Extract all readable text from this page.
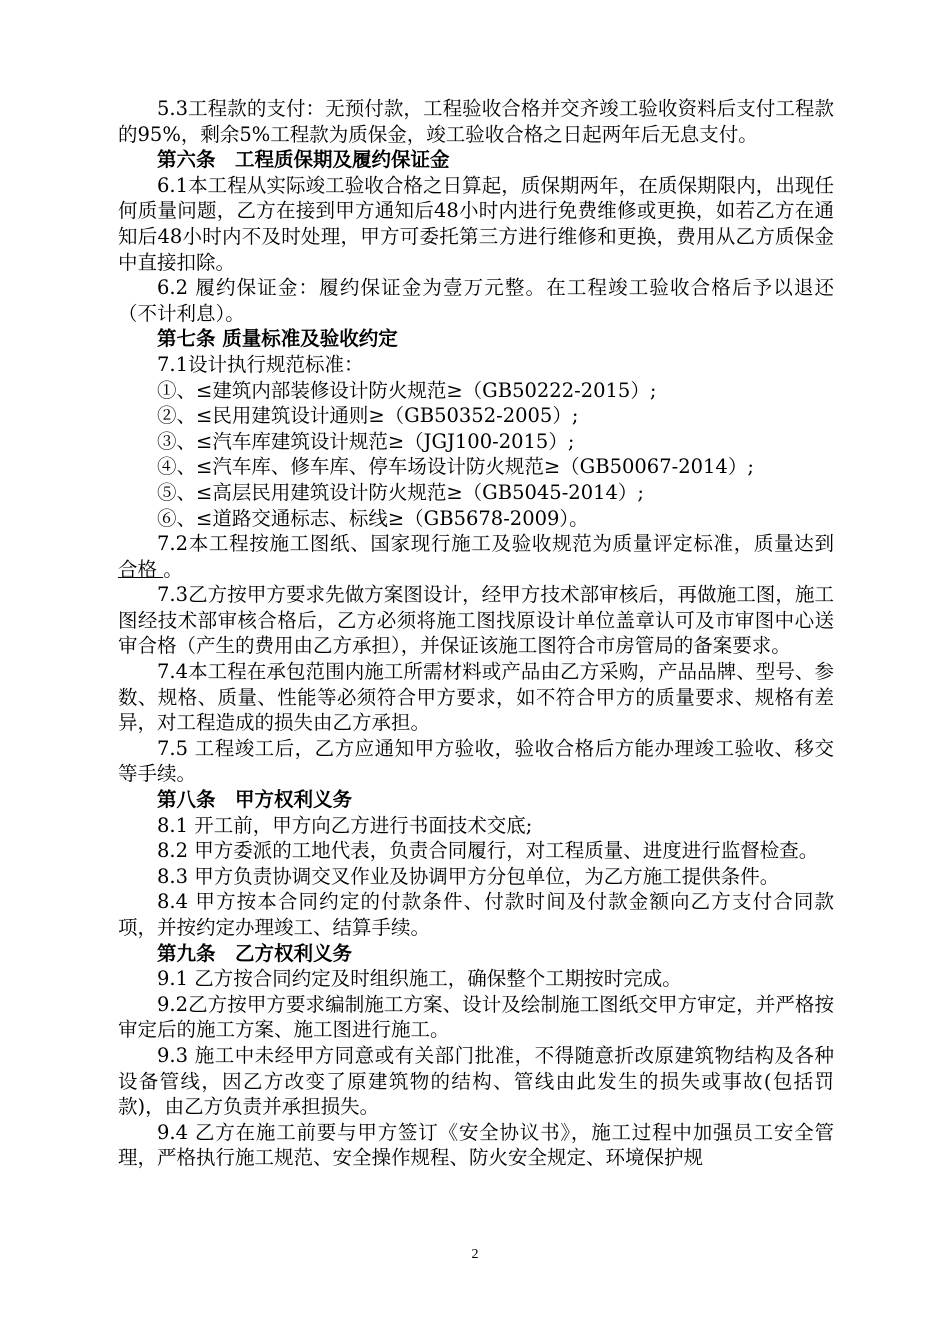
5.3工程款的支付：无预付款，工程验收合格并交齐竣工验收资料后支付工程款的95%，剩余5%工程款为质保金，竣工验收合格之日起两年后无息支付。

第六条　工程质保期及履约保证金

6.1本工程从实际竣工验收合格之日算起，质保期两年，在质保期限内，出现任何质量问题，乙方在接到甲方通知后48小时内进行免费维修或更换，如若乙方在通知后48小时内不及时处理，甲方可委托第三方进行维修和更换，费用从乙方质保金中直接扣除。

6.2 履约保证金：履约保证金为壹万元整。在工程竣工验收合格后予以退还（不计利息）。

第七条 质量标准及验收约定

7.1设计执行规范标准：

①、≤建筑内部装修设计防火规范≥（GB50222-2015）;

②、≤民用建筑设计通则≥（GB50352-2005）;

③、≤汽车库建筑设计规范≥（JGJ100-2015）;

④、≤汽车库、修车库、停车场设计防火规范≥（GB50067-2014）;

⑤、≤高层民用建筑设计防火规范≥（GB5045-2014）;

⑥、≤道路交通标志、标线≥（GB5678-2009）。

7.2本工程按施工图纸、国家现行施工及验收规范为质量评定标准，质量达到 合格 。

7.3乙方按甲方要求先做方案图设计，经甲方技术部审核后，再做施工图，施工图经技术部审核合格后，乙方必须将施工图找原设计单位盖章认可及市审图中心送审合格（产生的费用由乙方承担），并保证该施工图符合市房管局的备案要求。

7.4本工程在承包范围内施工所需材料或产品由乙方采购，产品品牌、型号、参数、规格、质量、性能等必须符合甲方要求，如不符合甲方的质量要求、规格有差异，对工程造成的损失由乙方承担。

7.5 工程竣工后，乙方应通知甲方验收，验收合格后方能办理竣工验收、移交等手续。

第八条　甲方权利义务

8.1 开工前，甲方向乙方进行书面技术交底;

8.2 甲方委派的工地代表，负责合同履行，对工程质量、进度进行监督检查。

8.3 甲方负责协调交叉作业及协调甲方分包单位，为乙方施工提供条件。

8.4 甲方按本合同约定的付款条件、付款时间及付款金额向乙方支付合同款项，并按约定办理竣工、结算手续。

第九条　乙方权利义务

9.1 乙方按合同约定及时组织施工，确保整个工期按时完成。

9.2乙方按甲方要求编制施工方案、设计及绘制施工图纸交甲方审定，并严格按审定后的施工方案、施工图进行施工。

9.3 施工中未经甲方同意或有关部门批准，不得随意折改原建筑物结构及各种设备管线，因乙方改变了原建筑物的结构、管线由此发生的损失或事故(包括罚款)，由乙方负责并承担损失。

9.4 乙方在施工前要与甲方签订《安全协议书》，施工过程中加强员工安全管理，严格执行施工规范、安全操作规程、防火安全规定、环境保护规

2
